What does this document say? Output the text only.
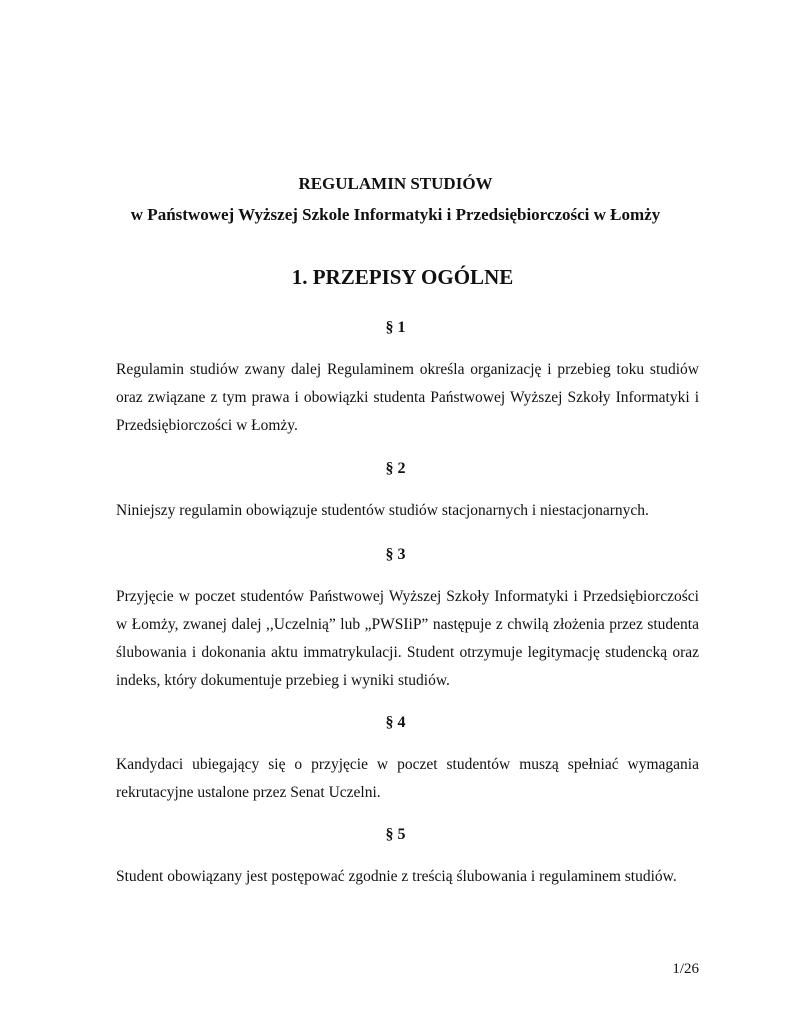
REGULAMIN STUDIÓW
w Państwowej Wyższej Szkole Informatyki i Przedsiębiorczości w Łomży
1. PRZEPISY OGÓLNE
§ 1

Regulamin studiów zwany dalej Regulaminem określa organizację i przebieg toku studiów oraz związane z tym prawa i obowiązki studenta Państwowej Wyższej Szkoły Informatyki i Przedsiębiorczości w Łomży.

§ 2

Niniejszy regulamin obowiązuje studentów studiów stacjonarnych i niestacjonarnych.

§ 3

Przyjęcie w poczet studentów Państwowej Wyższej Szkoły Informatyki i Przedsiębiorczości w Łomży, zwanej dalej ,,Uczelnią” lub „PWSIiP” następuje z chwilą złożenia przez studenta ślubowania i dokonania aktu immatrykulacji. Student otrzymuje legitymację studencką oraz indeks, który dokumentuje przebieg i wyniki studiów.

§ 4

Kandydaci ubiegający się o przyjęcie w poczet studentów muszą spełniać wymagania rekrutacyjne ustalone przez Senat Uczelni.

§ 5

Student obowiązany jest postępować zgodnie z treścią ślubowania i regulaminem studiów.

1/26
